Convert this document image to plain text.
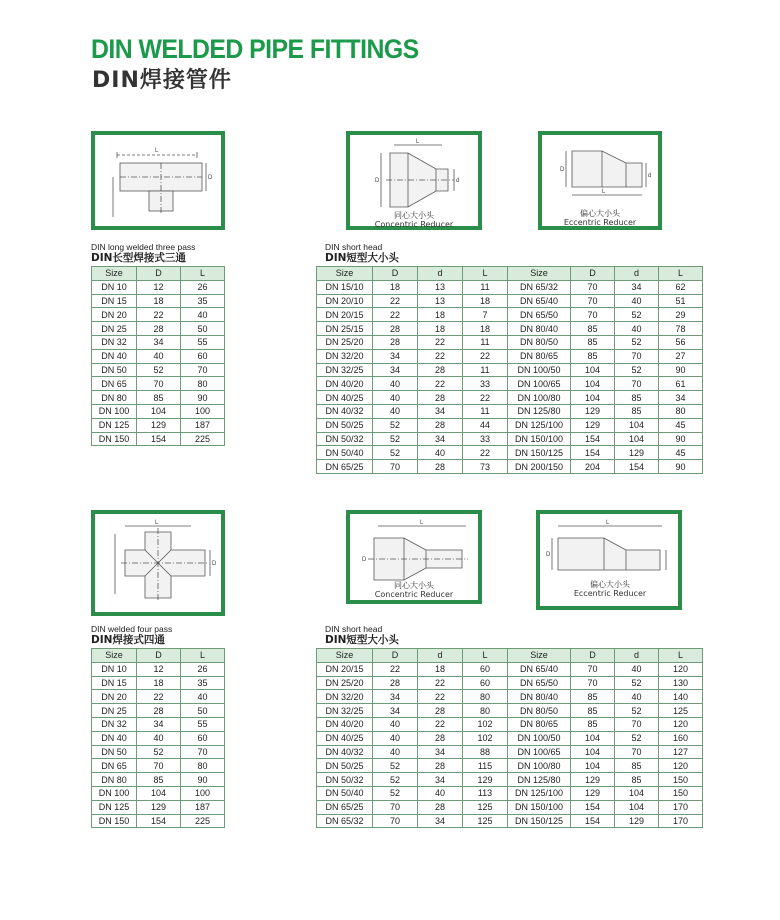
DIN WELDED PIPE FITTINGS
DIN焊接管件
L
D
L
D	d
同心大小头
Concentric Reducer
D
L
d
偏心大小头
Eccentric Reducer
DIN long welded three pass
DIN长型焊接式三通
DIN short head
DIN短型大小头
Size	D	L
DN 10	12	26
DN 15	18	35
DN 20	22	40
DN 25	28	50
DN 32	34	55
DN 40	40	60
DN 50	52	70
DN 65	70	80
DN 80	85	90
DN 100	104	100
DN 125	129	187
DN 150	154	225
Size	D	d	L	Size	D	d	L
DN 15/10	18	13	11	DN 65/32	70	34	62
DN 20/10	22	13	18	DN 65/40	70	40	51
DN 20/15	22	18	7	DN 65/50	70	52	29
DN 25/15	28	18	18	DN 80/40	85	40	78
DN 25/20	28	22	11	DN 80/50	85	52	56
DN 32/20	34	22	22	DN 80/65	85	70	27
DN 32/25	34	28	11	DN 100/50	104	52	90
DN 40/20	40	22	33	DN 100/65	104	70	61
DN 40/25	40	28	22	DN 100/80	104	85	34
DN 40/32	40	34	11	DN 125/80	129	85	80
DN 50/25	52	28	44	DN 125/100	129	104	45
DN 50/32	52	34	33	DN 150/100	154	104	90
DN 50/40	52	40	22	DN 150/125	154	129	45
DN 65/25	70	28	73	DN 200/150	204	154	90
L
D
L
D
同心大小头
Concentric Reducer
L
D
偏心大小头
Eccentric Reducer
DIN welded four pass
DIN焊接式四通
DIN short head
DIN短型大小头
Size	D	L
DN 10	12	26
DN 15	18	35
DN 20	22	40
DN 25	28	50
DN 32	34	55
DN 40	40	60
DN 50	52	70
DN 65	70	80
DN 80	85	90
DN 100	104	100
DN 125	129	187
DN 150	154	225
Size	D	d	L	Size	D	d	L
DN 20/15	22	18	60	DN 65/40	70	40	120
DN 25/20	28	22	60	DN 65/50	70	52	130
DN 32/20	34	22	80	DN 80/40	85	40	140
DN 32/25	34	28	80	DN 80/50	85	52	125
DN 40/20	40	22	102	DN 80/65	85	70	120
DN 40/25	40	28	102	DN 100/50	104	52	160
DN 40/32	40	34	88	DN 100/65	104	70	127
DN 50/25	52	28	115	DN 100/80	104	85	120
DN 50/32	52	34	129	DN 125/80	129	85	150
DN 50/40	52	40	113	DN 125/100	129	104	150
DN 65/25	70	28	125	DN 150/100	154	104	170
DN 65/32	70	34	125	DN 150/125	154	129	170
